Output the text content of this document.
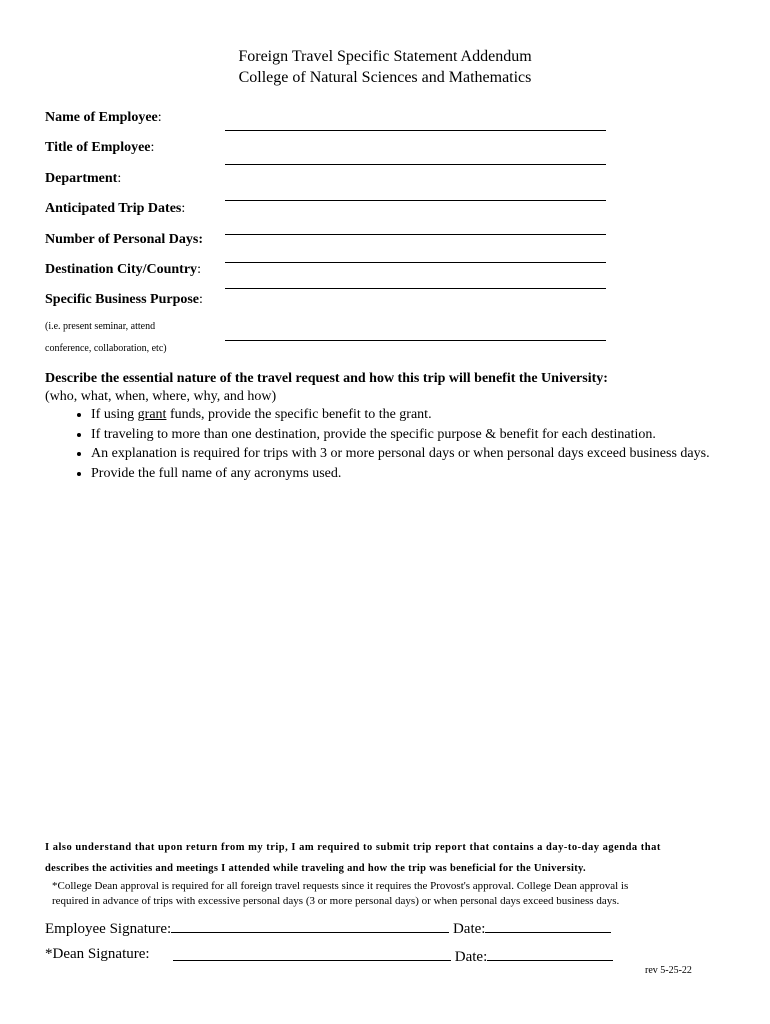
Foreign Travel Specific Statement Addendum
College of Natural Sciences and Mathematics
Name of Employee:
Title of Employee:
Department:
Anticipated Trip Dates:
Number of Personal Days:
Destination City/Country:
Specific Business Purpose:
(i.e. present seminar, attend
conference, collaboration, etc)
Describe the essential nature of the travel request and how this trip will benefit the University:
(who, what, when, where, why, and how)
• If using grant funds, provide the specific benefit to the grant.
• If traveling to more than one destination, provide the specific purpose & benefit for each destination.
• An explanation is required for trips with 3 or more personal days or when personal days exceed business days.
• Provide the full name of any acronyms used.
I also understand that upon return from my trip, I am required to submit trip report that contains a day-to-day agenda that
describes the activities and meetings I attended while traveling and how the trip was beneficial for the University.
*College Dean approval is required for all foreign travel requests since it requires the Provost's approval. College Dean approval is
required in advance of trips with excessive personal days (3 or more personal days) or when personal days exceed business days.
Employee Signature:	Date:
*Dean Signature:	Date:
rev 5-25-22
